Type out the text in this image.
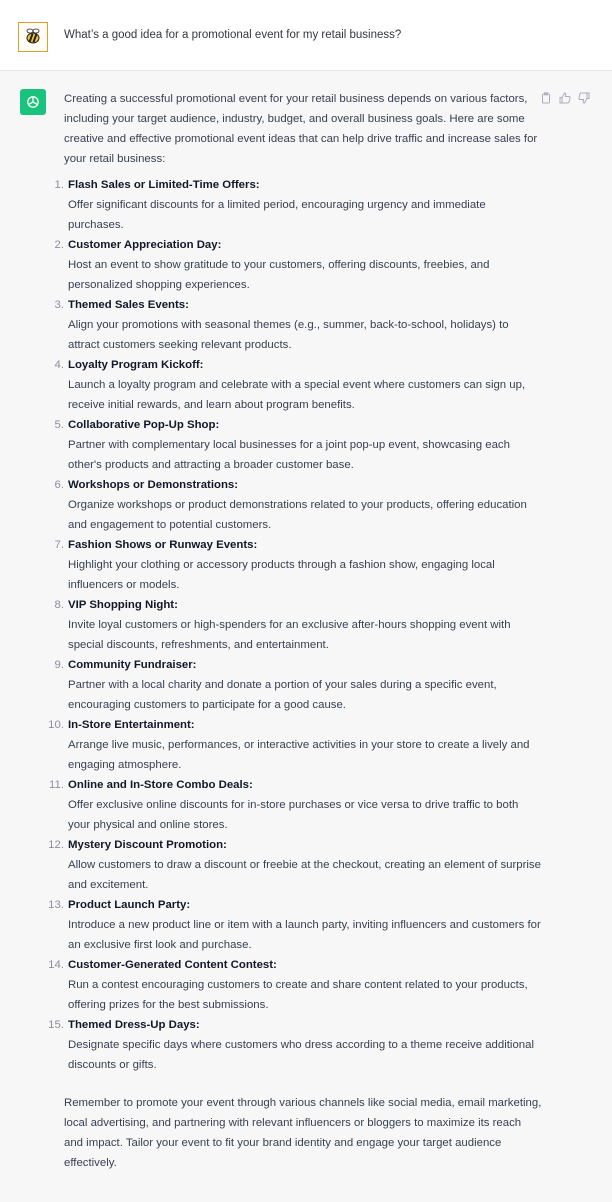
What’s a good idea for a promotional event for my retail business?

Creating a successful promotional event for your retail business depends on various factors, including your target audience, industry, budget, and overall business goals. Here are some creative and effective promotional event ideas that can help drive traffic and increase sales for your retail business:

1. Flash Sales or Limited-Time Offers:
Offer significant discounts for a limited period, encouraging urgency and immediate purchases.
2. Customer Appreciation Day:
Host an event to show gratitude to your customers, offering discounts, freebies, and personalized shopping experiences.
3. Themed Sales Events:
Align your promotions with seasonal themes (e.g., summer, back-to-school, holidays) to attract customers seeking relevant products.
4. Loyalty Program Kickoff:
Launch a loyalty program and celebrate with a special event where customers can sign up, receive initial rewards, and learn about program benefits.
5. Collaborative Pop-Up Shop:
Partner with complementary local businesses for a joint pop-up event, showcasing each other's products and attracting a broader customer base.
6. Workshops or Demonstrations:
Organize workshops or product demonstrations related to your products, offering education and engagement to potential customers.
7. Fashion Shows or Runway Events:
Highlight your clothing or accessory products through a fashion show, engaging local influencers or models.
8. VIP Shopping Night:
Invite loyal customers or high-spenders for an exclusive after-hours shopping event with special discounts, refreshments, and entertainment.
9. Community Fundraiser:
Partner with a local charity and donate a portion of your sales during a specific event, encouraging customers to participate for a good cause.
10. In-Store Entertainment:
Arrange live music, performances, or interactive activities in your store to create a lively and engaging atmosphere.
11. Online and In-Store Combo Deals:
Offer exclusive online discounts for in-store purchases or vice versa to drive traffic to both your physical and online stores.
12. Mystery Discount Promotion:
Allow customers to draw a discount or freebie at the checkout, creating an element of surprise and excitement.
13. Product Launch Party:
Introduce a new product line or item with a launch party, inviting influencers and customers for an exclusive first look and purchase.
14. Customer-Generated Content Contest:
Run a contest encouraging customers to create and share content related to your products, offering prizes for the best submissions.
15. Themed Dress-Up Days:
Designate specific days where customers who dress according to a theme receive additional discounts or gifts.

Remember to promote your event through various channels like social media, email marketing, local advertising, and partnering with relevant influencers or bloggers to maximize its reach and impact. Tailor your event to fit your brand identity and engage your target audience effectively.
